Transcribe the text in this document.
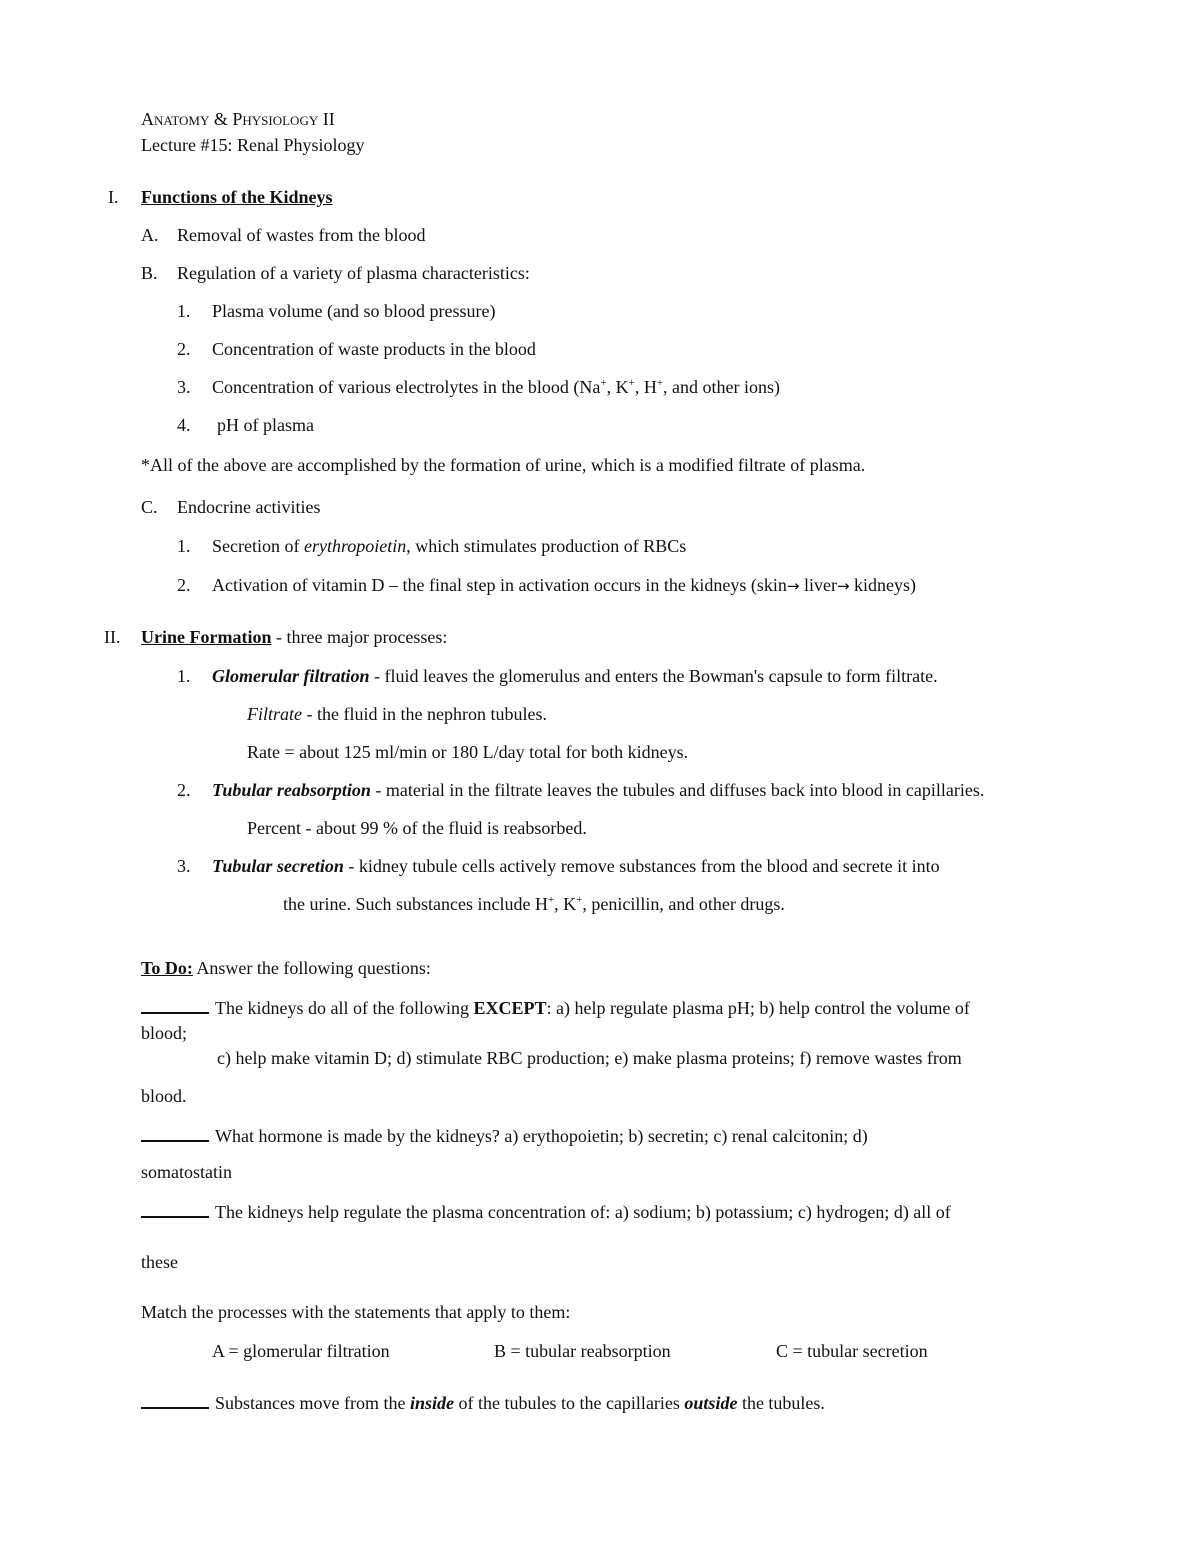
Anatomy & Physiology II
Lecture #15: Renal Physiology
I. Functions of the Kidneys
A. Removal of wastes from the blood
B. Regulation of a variety of plasma characteristics:
1. Plasma volume (and so blood pressure)
2. Concentration of waste products in the blood
3. Concentration of various electrolytes in the blood (Na+, K+, H+, and other ions)
4. pH of plasma
*All of the above are accomplished by the formation of urine, which is a modified filtrate of plasma.
C. Endocrine activities
1. Secretion of erythropoietin, which stimulates production of RBCs
2. Activation of vitamin D – the final step in activation occurs in the kidneys (skin→ liver→ kidneys)
II. Urine Formation - three major processes:
1. Glomerular filtration - fluid leaves the glomerulus and enters the Bowman's capsule to form filtrate.
Filtrate - the fluid in the nephron tubules.
Rate = about 125 ml/min or 180 L/day total for both kidneys.
2. Tubular reabsorption - material in the filtrate leaves the tubules and diffuses back into blood in capillaries.
Percent - about 99 % of the fluid is reabsorbed.
3. Tubular secretion - kidney tubule cells actively remove substances from the blood and secrete it into
the urine. Such substances include H+, K+, penicillin, and other drugs.
To Do: Answer the following questions:
The kidneys do all of the following EXCEPT: a) help regulate plasma pH; b) help control the volume of
blood;
c) help make vitamin D; d) stimulate RBC production; e) make plasma proteins; f) remove wastes from
blood.
What hormone is made by the kidneys? a) erythopoietin; b) secretin; c) renal calcitonin; d)
somatostatin
The kidneys help regulate the plasma concentration of: a) sodium; b) potassium; c) hydrogen; d) all of
these
Match the processes with the statements that apply to them:
A = glomerular filtration	B = tubular reabsorption	C = tubular secretion
Substances move from the inside of the tubules to the capillaries outside the tubules.
